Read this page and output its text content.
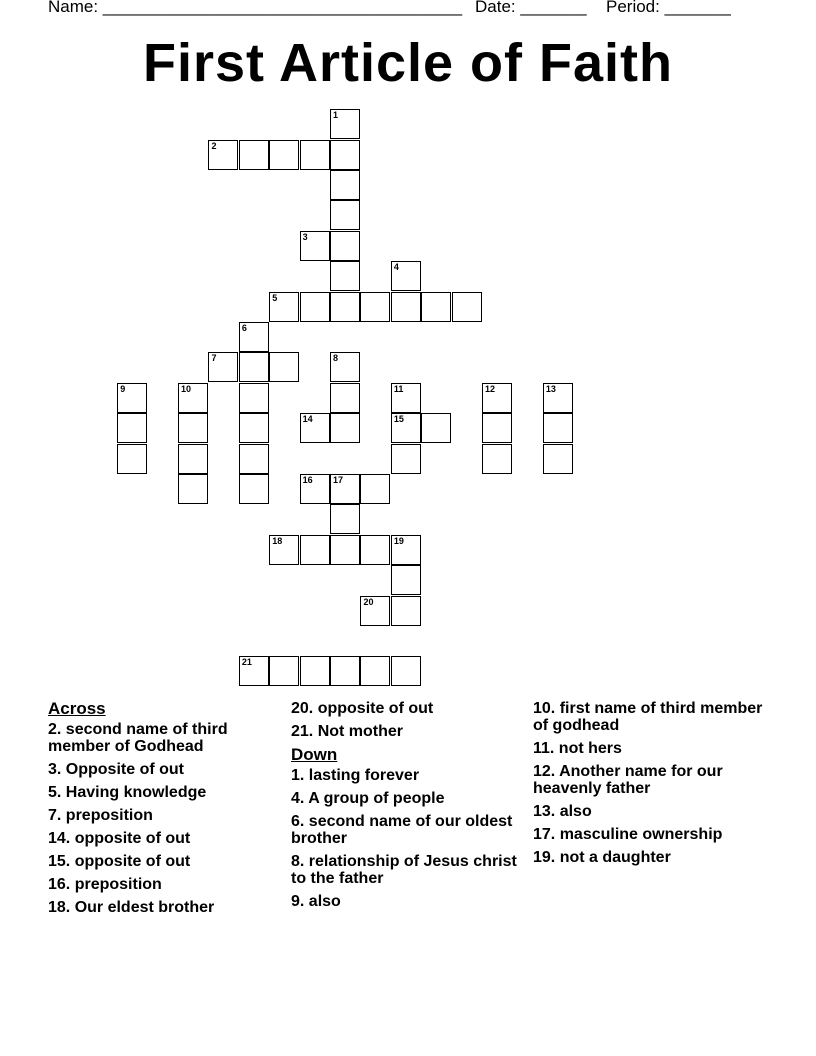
Name: ______________________________________ Date: _______ Period: _______
First Article of Faith
1
2
3
4
5
6
7	8
9	10	11	12	13
14	15
16 17
18	19
20
21
Across
2. second name of third member of Godhead
3. Opposite of out
5. Having knowledge
7. preposition
14. opposite of out
15. opposite of out
16. preposition
18. Our eldest brother
20. opposite of out
21. Not mother
Down
1. lasting forever
4. A group of people
6. second name of our oldest brother
8. relationship of Jesus christ to the father
9. also
10. first name of third member of godhead
11. not hers
12. Another name for our heavenly father
13. also
17. masculine ownership
19. not a daughter
